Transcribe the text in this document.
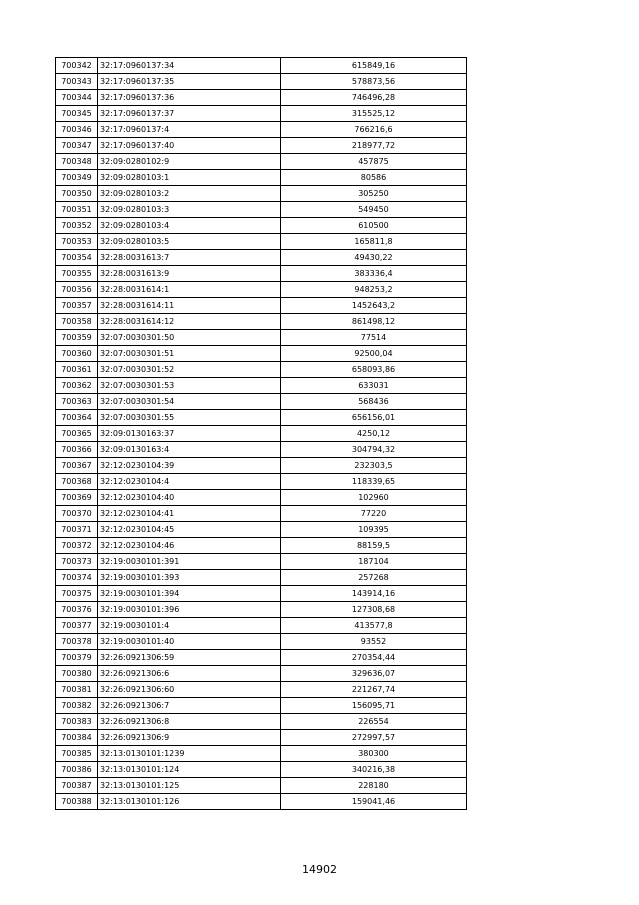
700342	32:17:0960137:34	615849,16
700343	32:17:0960137:35	578873,56
700344	32:17:0960137:36	746496,28
700345	32:17:0960137:37	315525,12
700346	32:17:0960137:4	766216,6
700347	32:17:0960137:40	218977,72
700348	32:09:0280102:9	457875
700349	32:09:0280103:1	80586
700350	32:09:0280103:2	305250
700351	32:09:0280103:3	549450
700352	32:09:0280103:4	610500
700353	32:09:0280103:5	165811,8
700354	32:28:0031613:7	49430,22
700355	32:28:0031613:9	383336,4
700356	32:28:0031614:1	948253,2
700357	32:28:0031614:11	1452643,2
700358	32:28:0031614:12	861498,12
700359	32:07:0030301:50	77514
700360	32:07:0030301:51	92500,04
700361	32:07:0030301:52	658093,86
700362	32:07:0030301:53	633031
700363	32:07:0030301:54	568436
700364	32:07:0030301:55	656156,01
700365	32:09:0130163:37	4250,12
700366	32:09:0130163:4	304794,32
700367	32:12:0230104:39	232303,5
700368	32:12:0230104:4	118339,65
700369	32:12:0230104:40	102960
700370	32:12:0230104:41	77220
700371	32:12:0230104:45	109395
700372	32:12:0230104:46	88159,5
700373	32:19:0030101:391	187104
700374	32:19:0030101:393	257268
700375	32:19:0030101:394	143914,16
700376	32:19:0030101:396	127308,68
700377	32:19:0030101:4	413577,8
700378	32:19:0030101:40	93552
700379	32:26:0921306:59	270354,44
700380	32:26:0921306:6	329636,07
700381	32:26:0921306:60	221267,74
700382	32:26:0921306:7	156095,71
700383	32:26:0921306:8	226554
700384	32:26:0921306:9	272997,57
700385	32:13:0130101:1239	380300
700386	32:13:0130101:124	340216,38
700387	32:13:0130101:125	228180
700388	32:13:0130101:126	159041,46
14902
